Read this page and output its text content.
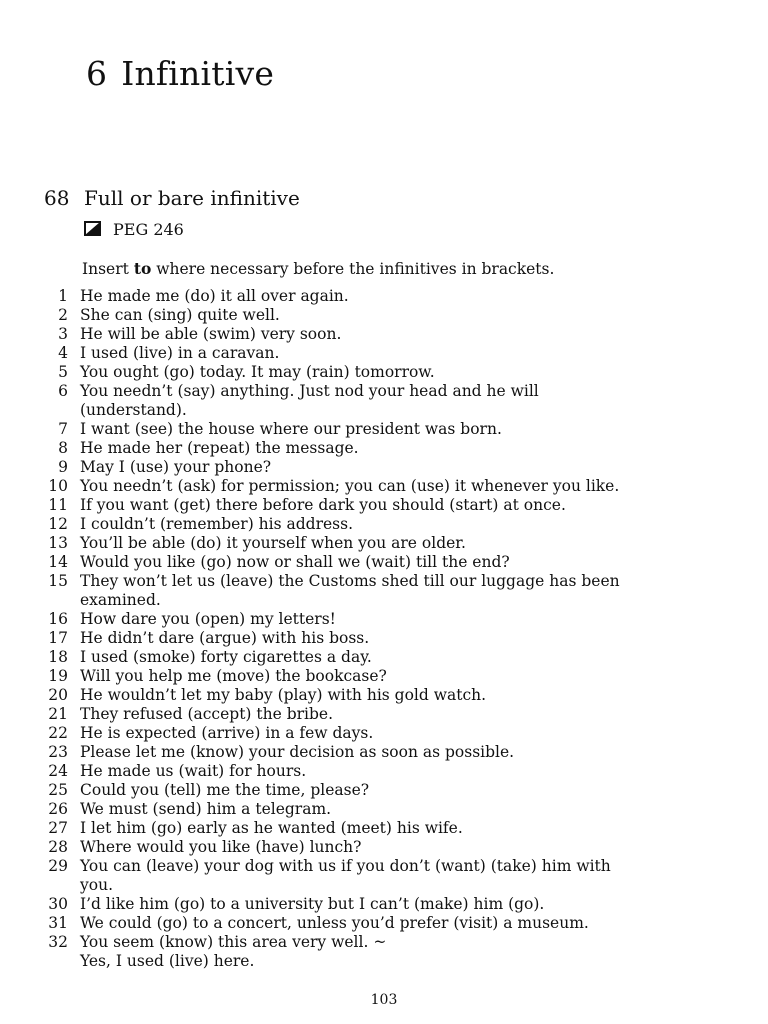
6 Infinitive
68 Full or bare infinitive
PEG 246

Insert to where necessary before the infinitives in brackets.

1 He made me (do) it all over again.
2 She can (sing) quite well.
3 He will be able (swim) very soon.
4 I used (live) in a caravan.
5 You ought (go) today. It may (rain) tomorrow.
6 You needn’t (say) anything. Just nod your head and he will
(understand).
7 I want (see) the house where our president was born.
8 He made her (repeat) the message.
9 May I (use) your phone?
10 You needn’t (ask) for permission; you can (use) it whenever you like.
11 If you want (get) there before dark you should (start) at once.
12 I couldn’t (remember) his address.
13 You’ll be able (do) it yourself when you are older.
14 Would you like (go) now or shall we (wait) till the end?
15 They won’t let us (leave) the Customs shed till our luggage has been
examined.
16 How dare you (open) my letters!
17 He didn’t dare (argue) with his boss.
18 I used (smoke) forty cigarettes a day.
19 Will you help me (move) the bookcase?
20 He wouldn’t let my baby (play) with his gold watch.
21 They refused (accept) the bribe.
22 He is expected (arrive) in a few days.
23 Please let me (know) your decision as soon as possible.
24 He made us (wait) for hours.
25 Could you (tell) me the time, please?
26 We must (send) him a telegram.
27 I let him (go) early as he wanted (meet) his wife.
28 Where would you like (have) lunch?
29 You can (leave) your dog with us if you don’t (want) (take) him with
you.
30 I’d like him (go) to a university but I can’t (make) him (go).
31 We could (go) to a concert, unless you’d prefer (visit) a museum.
32 You seem (know) this area very well. ~
Yes, I used (live) here.
103
